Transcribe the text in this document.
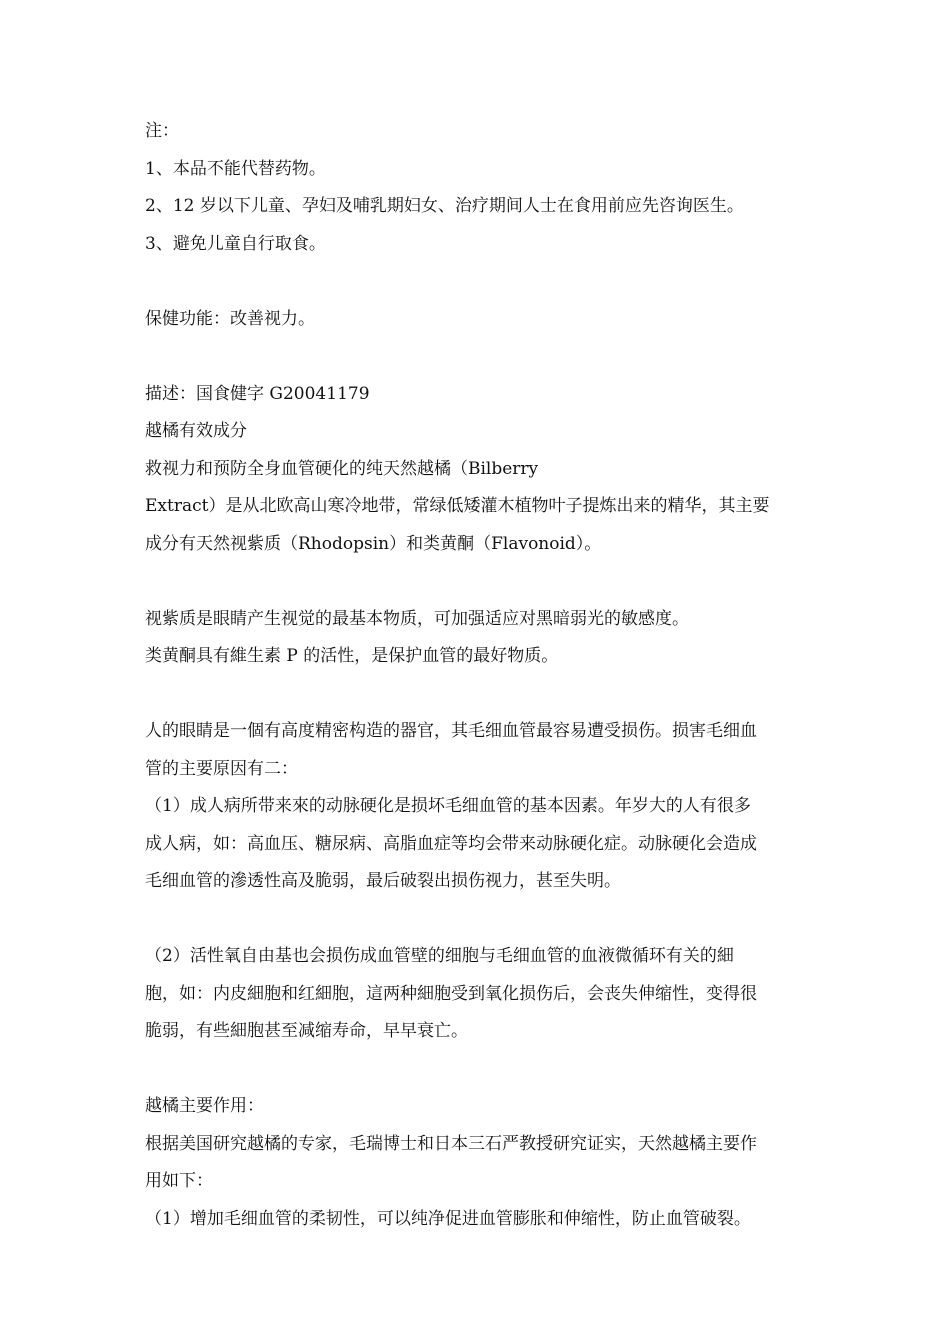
注：
1、本品不能代替药物。
2、12 岁以下儿童、孕妇及哺乳期妇女、治疗期间人士在食用前应先咨询医生。
3、避免儿童自行取食。
保健功能：改善视力。
描述：国食健字 G20041179
越橘有效成分
救视力和预防全身血管硬化的纯天然越橘（Bilberry
Extract）是从北欧高山寒冷地带，常绿低矮灌木植物叶子提炼出来的精华，其主要
成分有天然视紫质（Rhodopsin）和类黄酮（Flavonoid）。
视紫质是眼睛产生视觉的最基本物质，可加强适应对黑暗弱光的敏感度。
类黄酮具有維生素 P 的活性，是保护血管的最好物质。
人的眼睛是一個有高度精密构造的器官，其毛细血管最容易遭受损伤。损害毛细血
管的主要原因有二：
（1）成人病所带来來的动脉硬化是损坏毛细血管的基本因素。年岁大的人有很多
成人病，如：高血压、糖尿病、高脂血症等均会带来动脉硬化症。动脉硬化会造成
毛细血管的滲透性高及脆弱，最后破裂出损伤视力，甚至失明。
（2）活性氧自由基也会损伤成血管壁的细胞与毛细血管的血液微循环有关的細
胞，如：内皮細胞和红細胞，這两种細胞受到氧化损伤后，会丧失伸缩性，变得很
脆弱，有些細胞甚至减缩寿命，早早衰亡。
越橘主要作用：
根据美国研究越橘的专家，毛瑞博士和日本三石严教授研究证实，天然越橘主要作
用如下：
（1）增加毛细血管的柔韧性，可以纯净促进血管膨胀和伸缩性，防止血管破裂。
